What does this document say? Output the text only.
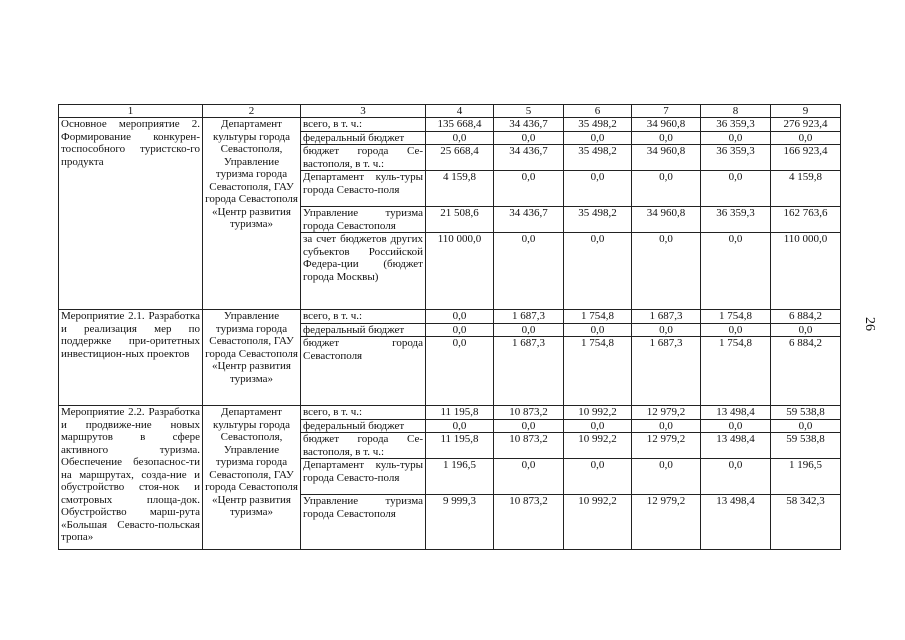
1	2	3	4	5	6	7	8	9
Основное мероприятие 2. Формирование конкурен-тоспособного туристско-го продукта	Департамент культуры города Севастополя, Управление туризма города Севастополя, ГАУ города Севастополя «Центр развития туризма»	всего, в т. ч.:	135 668,4	34 436,7	35 498,2	34 960,8	36 359,3	276 923,4
		федеральный бюджет	0,0	0,0	0,0	0,0	0,0	0,0
		бюджет города Се-вастополя, в т. ч.:	25 668,4	34 436,7	35 498,2	34 960,8	36 359,3	166 923,4
		Департамент куль-туры города Севасто-поля	4 159,8	0,0	0,0	0,0	0,0	4 159,8
		Управление туризма города Севастополя	21 508,6	34 436,7	35 498,2	34 960,8	36 359,3	162 763,6
		за счет бюджетов других субъектов Российской Федера-ции (бюджет города Москвы)	110 000,0	0,0	0,0	0,0	0,0	110 000,0
Мероприятие 2.1. Разработка и реализация мер по поддержке при-оритетных инвестицион-ных проектов	Управление туризма города Севастополя, ГАУ города Севастополя «Центр развития туризма»	всего, в т. ч.:	0,0	1 687,3	1 754,8	1 687,3	1 754,8	6 884,2
		федеральный бюджет	0,0	0,0	0,0	0,0	0,0	0,0
		бюджет города Севастополя	0,0	1 687,3	1 754,8	1 687,3	1 754,8	6 884,2
Мероприятие 2.2. Разработка и продвиже-ние новых маршрутов в сфере активного туризма. Обеспечение безопаснос-ти на маршрутах, созда-ние и обустройство стоя-нок и смотровых площа-док. Обустройство марш-рута «Большая Севасто-польская тропа»	Департамент культуры города Севастополя, Управление туризма города Севастополя, ГАУ города Севастополя «Центр развития туризма»	всего, в т. ч.:	11 195,8	10 873,2	10 992,2	12 979,2	13 498,4	59 538,8
		федеральный бюджет	0,0	0,0	0,0	0,0	0,0	0,0
		бюджет города Се-вастополя, в т. ч.:	11 195,8	10 873,2	10 992,2	12 979,2	13 498,4	59 538,8
		Департамент куль-туры города Севасто-поля	1 196,5	0,0	0,0	0,0	0,0	1 196,5
		Управление туризма города Севастополя	9 999,3	10 873,2	10 992,2	12 979,2	13 498,4	58 342,3
26
